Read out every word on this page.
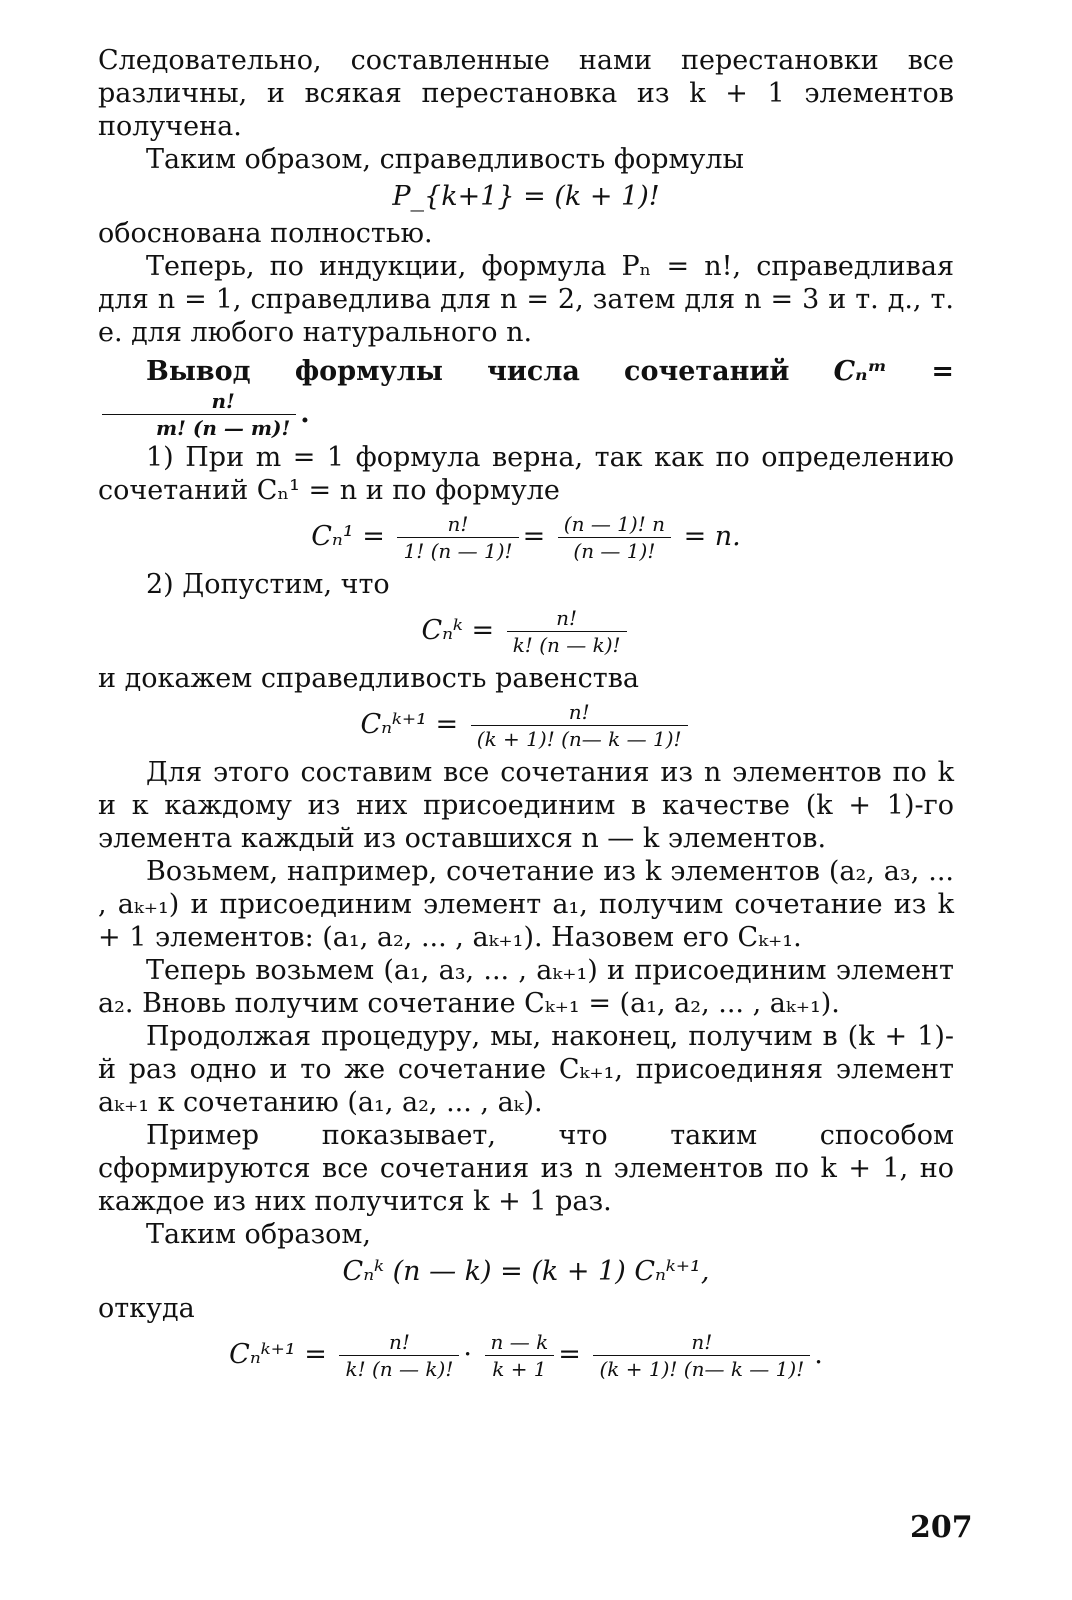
Следовательно, составленные нами перестановки все различны, и всякая перестановка из k + 1 элементов получена.

Таким образом, справедливость формулы

P_{k+1} = (k + 1)!

обоснована полностью.

Теперь, по индукции, формула Pₙ = n!, справедливая для n = 1, справедлива для n = 2, затем для n = 3 и т. д., т. е. для любого натурального n.

Вывод формулы числа сочетаний Cₙᵐ =
$\frac{n!}{m! (n — m)!}$ .

1) При m = 1 формула верна, так как по определению сочетаний Cₙ¹ = n и по формуле

$C_n^1 = \frac{n!}{1! (n — 1)!} = \frac{(n — 1)! n}{(n — 1)!} = n$.

2) Допустим, что

Cₙᵏ = $\frac{n!}{k! (n — k)!}$

и докажем справедливость равенства

Cₙᵏ⁺¹ = $\frac{n!}{(k + 1)! (n— k — 1)!}$

Для этого составим все сочетания из n элементов по k и к каждому из них присоединим в качестве (k + 1)-го элемента каждый из оставшихся n — k элементов.

Возьмем, например, сочетание из k элементов (a₂, a₃, ... , aₖ₊₁) и присоединим элемент a₁, получим сочетание из k + 1 элементов: (a₁, a₂, ... , aₖ₊₁). Назовем его Cₖ₊₁.

Теперь возьмем (a₁, a₃, ... , aₖ₊₁) и присоединим элемент a₂. Вновь получим сочетание Cₖ₊₁ = (a₁, a₂, ... , aₖ₊₁).

Продолжая процедуру, мы, наконец, получим в (k + 1)-й раз одно и то же сочетание Cₖ₊₁, присоединяя элемент aₖ₊₁ к сочетанию (a₁, a₂, ... , aₖ).

Пример показывает, что таким способом сформируются все сочетания из n элементов по k + 1, но каждое из них получится k + 1 раз.

Таким образом,

Cₙᵏ (n — k) = (k + 1) Cₙᵏ⁺¹,

откуда

Cₙᵏ⁺¹ = $\frac{n!}{k! (n — k)!} \cdot \frac{n — k}{k + 1} = \frac{n!}{(k + 1)! (n— k — 1)!}$ .
207
